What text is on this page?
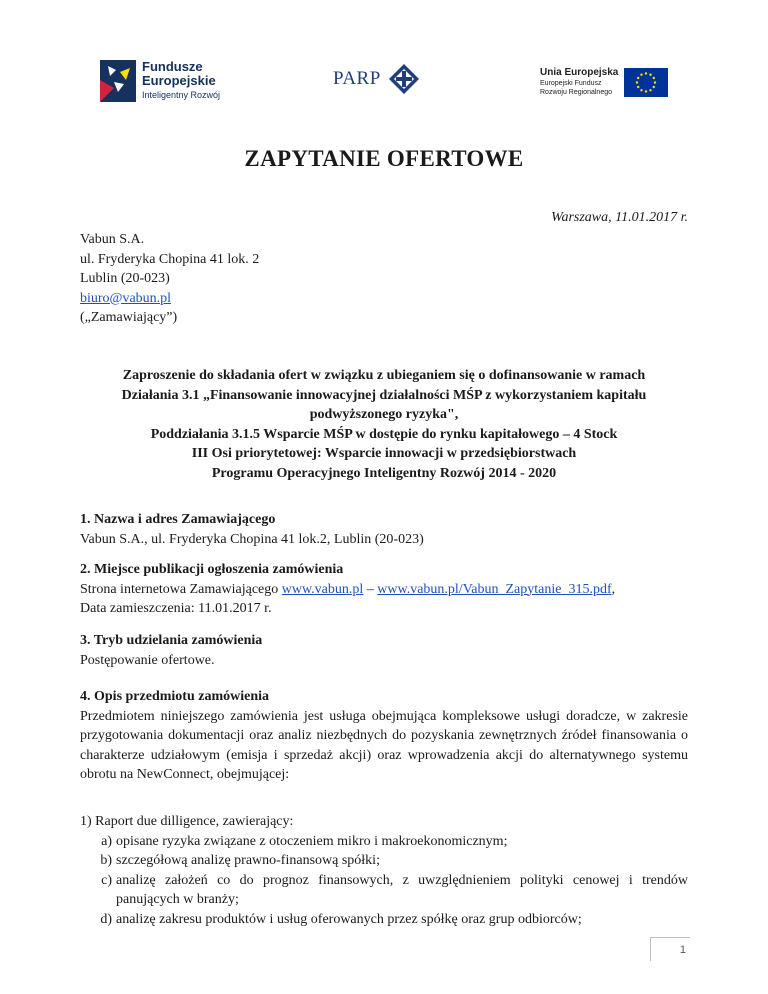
Fundusze
Europejskie
Inteligentny Rozwój
PARP	Unia Europejska
Europejski Fundusz
Rozwoju Regionalnego
ZAPYTANIE OFERTOWE
Warszawa, 11.01.2017 r.
Vabun S.A.
ul. Fryderyka Chopina 41 lok. 2
Lublin (20-023)
biuro@vabun.pl
(„Zamawiający”)
Zaproszenie do składania ofert w związku z ubieganiem się o dofinansowanie w ramach
Działania 3.1 „Finansowanie innowacyjnej działalności MŚP z wykorzystaniem kapitału
podwyższonego ryzyka",
Poddziałania 3.1.5 Wsparcie MŚP w dostępie do rynku kapitałowego – 4 Stock
III Osi priorytetowej: Wsparcie innowacji w przedsiębiorstwach
Programu Operacyjnego Inteligentny Rozwój 2014 - 2020
1. Nazwa i adres Zamawiającego
Vabun S.A., ul. Fryderyka Chopina 41 lok.2, Lublin (20-023)
2. Miejsce publikacji ogłoszenia zamówienia
Strona internetowa Zamawiającego www.vabun.pl – www.vabun.pl/Vabun_Zapytanie_315.pdf,
Data zamieszczenia: 11.01.2017 r.
3. Tryb udzielania zamówienia
Postępowanie ofertowe.
4. Opis przedmiotu zamówienia
Przedmiotem niniejszego zamówienia jest usługa obejmująca kompleksowe usługi doradcze, w zakresie przygotowania dokumentacji oraz analiz niezbędnych do pozyskania zewnętrznych źródeł finansowania o charakterze udziałowym (emisja i sprzedaż akcji) oraz wprowadzenia akcji do alternatywnego systemu obrotu na NewConnect, obejmującej:
1) Raport due dilligence, zawierający:
a) opisane ryzyka związane z otoczeniem mikro i makroekonomicznym;
b) szczegółową analizę prawno-finansową spółki;
c) analizę założeń co do prognoz finansowych, z uwzględnieniem polityki cenowej i trendów panujących w branży;
d) analizę zakresu produktów i usług oferowanych przez spółkę oraz grup odbiorców;
1
